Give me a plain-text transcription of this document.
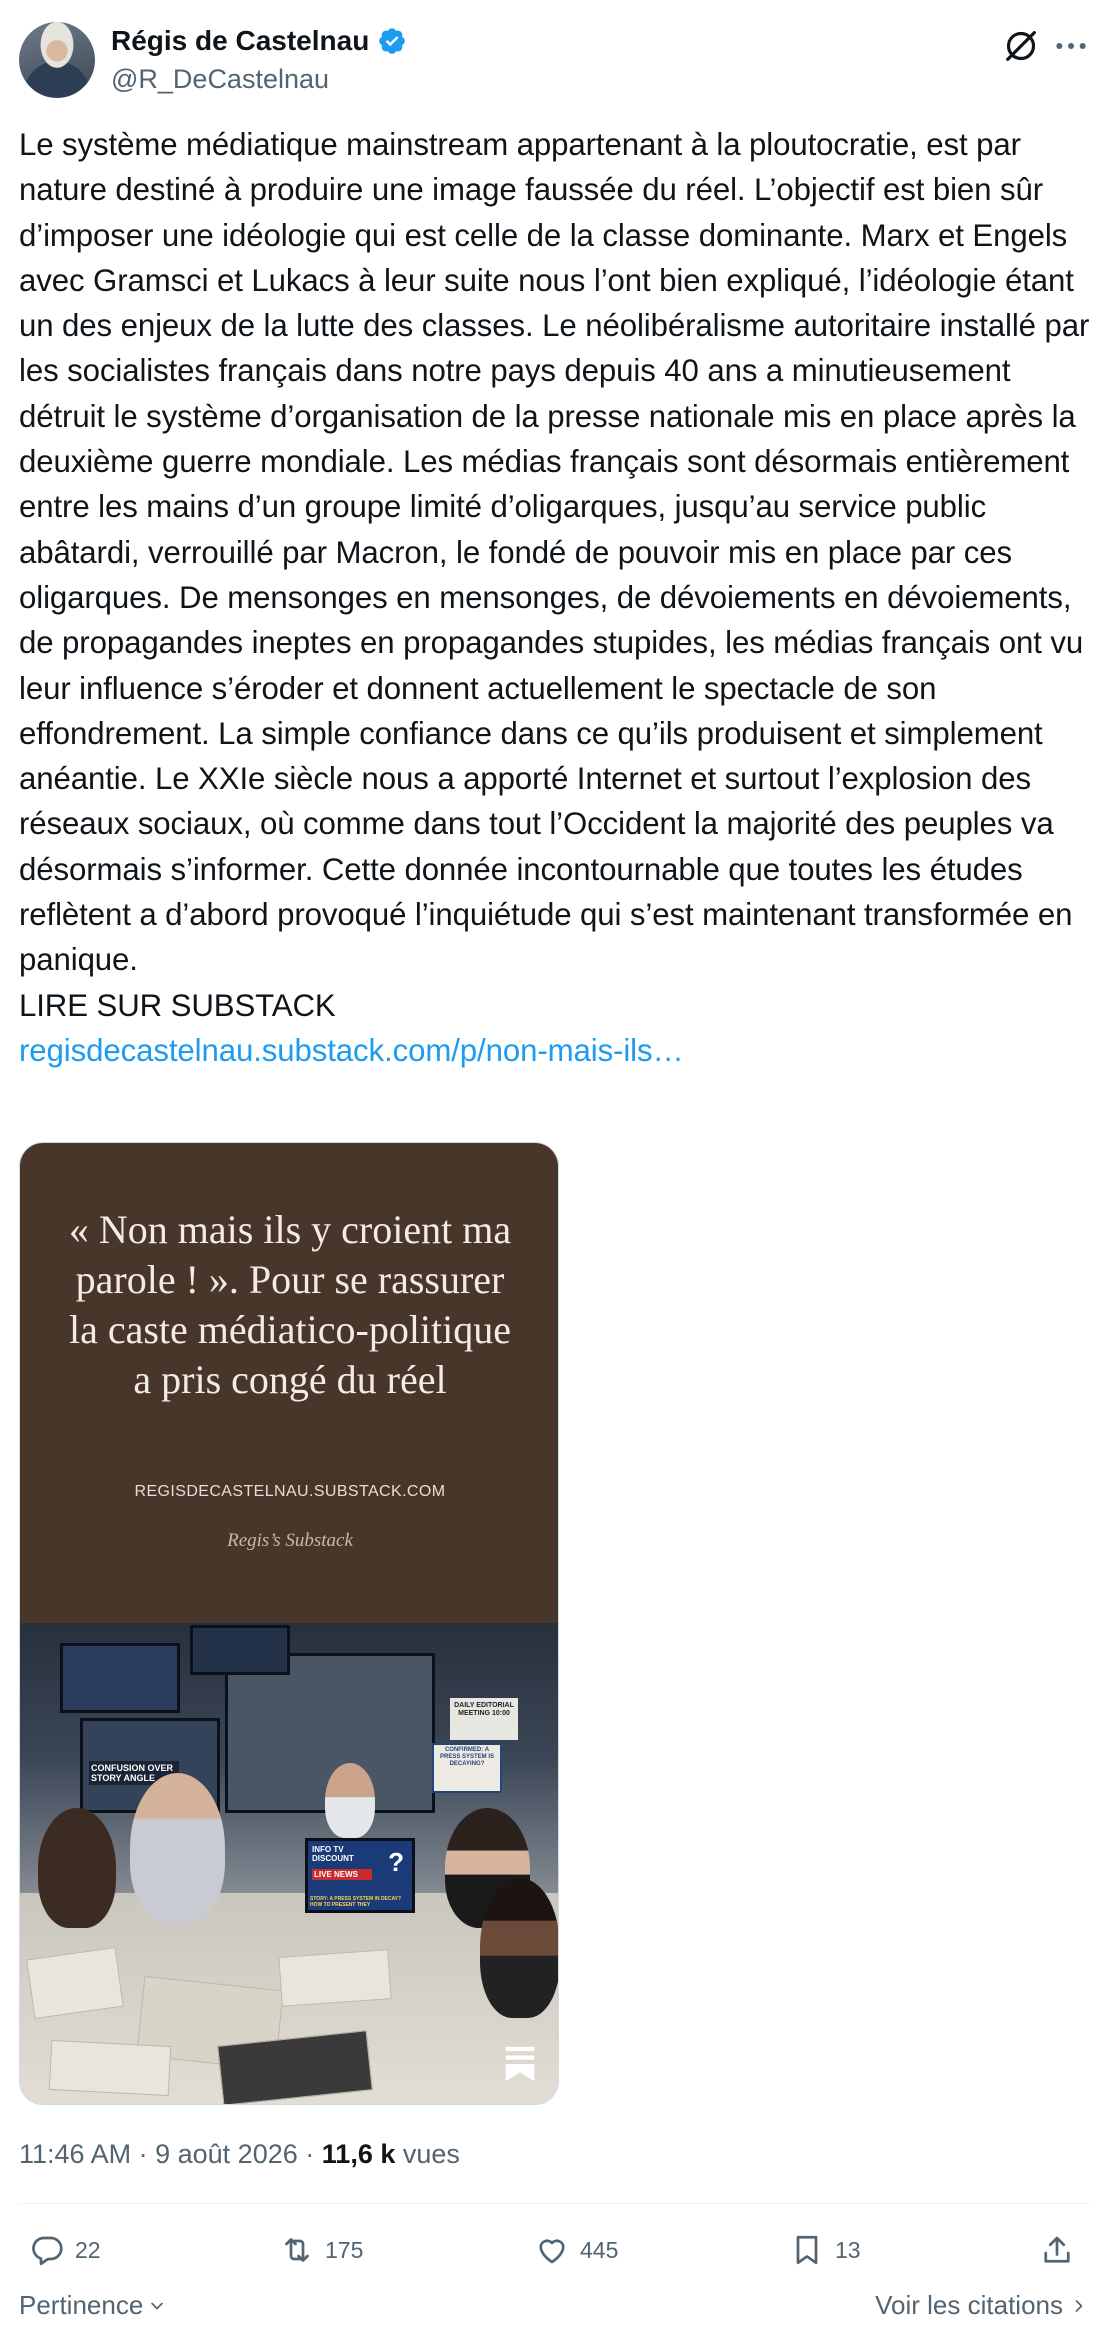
Régis de Castelnau
@R_DeCastelnau

Le système médiatique mainstream appartenant à la ploutocratie, est par nature destiné à produire une image faussée du réel. L’objectif est bien sûr d’imposer une idéologie qui est celle de la classe dominante. Marx et Engels avec Gramsci et Lukacs à leur suite nous l’ont bien expliqué, l’idéologie étant un des enjeux de la lutte des classes. Le néolibéralisme autoritaire installé par les socialistes français dans notre pays depuis 40 ans a minutieusement détruit le système d’organisation de la presse nationale mis en place après la deuxième guerre mondiale. Les médias français sont désormais entièrement entre les mains d’un groupe limité d’oligarques, jusqu’au service public abâtardi, verrouillé par Macron, le fondé de pouvoir mis en place par ces oligarques. De mensonges en mensonges, de dévoiements en dévoiements, de propagandes ineptes en propagandes stupides, les médias français ont vu leur influence s’éroder et donnent actuellement le spectacle de son effondrement. La simple confiance dans ce qu’ils produisent et simplement anéantie. Le XXIe siècle nous a apporté Internet et surtout l’explosion des réseaux sociaux, où comme dans tout l’Occident la majorité des peuples va désormais s’informer. Cette donnée incontournable que toutes les études reflètent a d’abord provoqué l’inquiétude qui s’est maintenant transformée en panique.

LIRE SUR SUBSTACK

regisdecastelnau.substack.com/p/non-mais-ils…

« Non mais ils y croient ma parole ! ». Pour se rassurer la caste médiatico-politique a pris congé du réel
REGISDECASTELNAU.SUBSTACK.COM
Regis’s Substack
CONFUSION OVER STORY ANGLE
DAILY EDITORIAL MEETING 10:00
CONFIRMED: A PRESS SYSTEM IS DECAYING?
INFO TV DISCOUNT
LIVE NEWS	?
STORY: A PRESS SYSTEM IN DECAY? HOW TO PRESENT THEY
11:46 AM · 9 août 2026 · 11,6 k vues
22	175	445	13
Pertinence	Voir les citations
